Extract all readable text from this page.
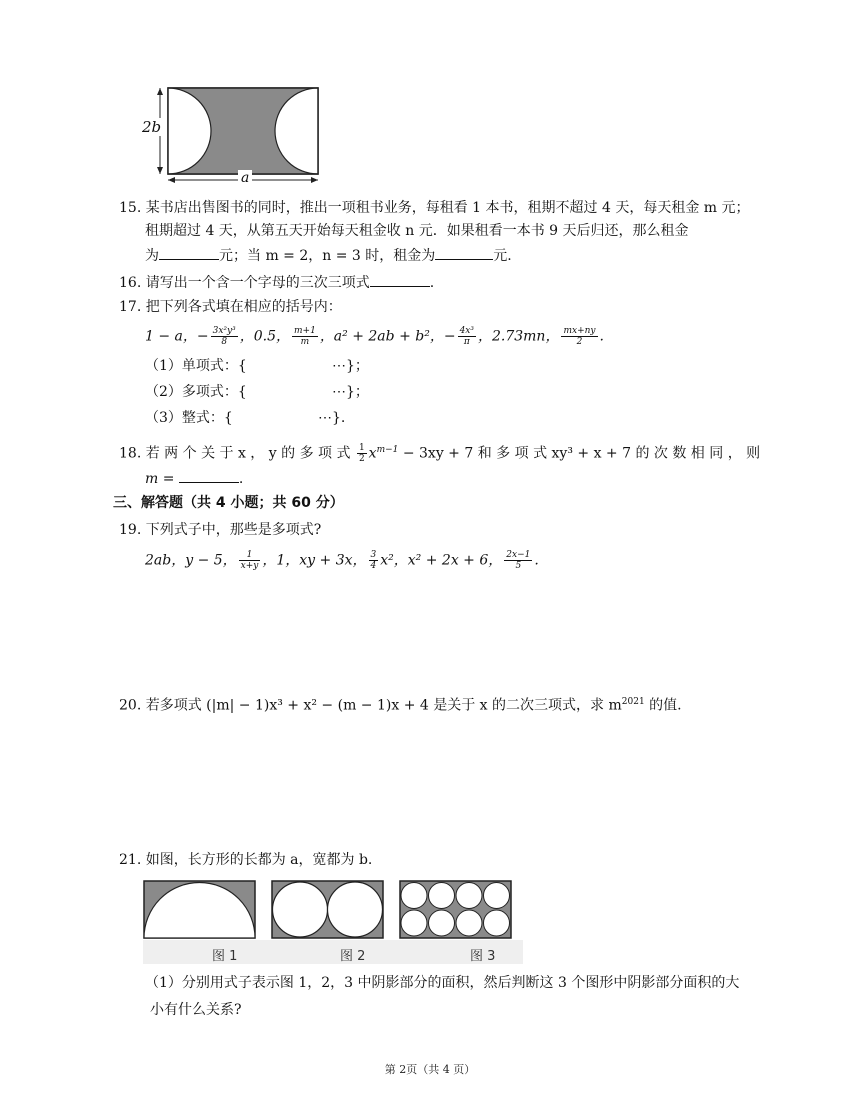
2b
a
15. 某书店出售图书的同时，推出一项租书业务，每租看 1 本书，租期不超过 4 天，每天租金 m 元；
租期超过 4 天，从第五天开始每天租金收 n 元．如果租看一本书 9 天后归还，那么租金
为	元；当 m = 2，n = 3 时，租金为	元.
16. 请写出一个含一个字母的三次三项式	.
17. 把下列各式填在相应的括号内：
1 − a，− $\frac{\text{3x²y³}}{8}$ ，0.5， $\frac{m+1}{m}$ ，a² + 2ab + b²，− $\frac{\text{4x³}}{\pi}$ ，2.73mn， $\frac{mx+ny}{2}$ .
（1）单项式：{	⋯}；
（2）多项式：{	⋯}；
（3）整式：{	⋯}.
18. 若 两 个 关 于 x ， y 的 多 项 式 $\frac{1}{2} x^{m-1} - 3xy + 7$ 和 多 项 式 xy³ + x + 7 的 次 数 相 同 ， 则
m =	.
三、解答题（共 4 小题；共 60 分）
19. 下列式子中，那些是多项式?
2ab，y − 5， $\frac{1}{x+y}$ ，1，xy + 3x， $\frac{3}{4} x^2$，x² + 2x + 6， $\frac{2x-1}{5}$ .
20. 若多项式 (|m| − 1)x³ + x² − (m − 1)x + 4 是关于 x 的二次三项式，求 $m^{2021}$ 的值.
21. 如图，长方形的长都为 a，宽都为 b.
图 1	图 2	图 3
（1）分别用式子表示图 1，2，3 中阴影部分的面积，然后判断这 3 个图形中阴影部分面积的大
小有什么关系?
第 2页（共 4 页）
